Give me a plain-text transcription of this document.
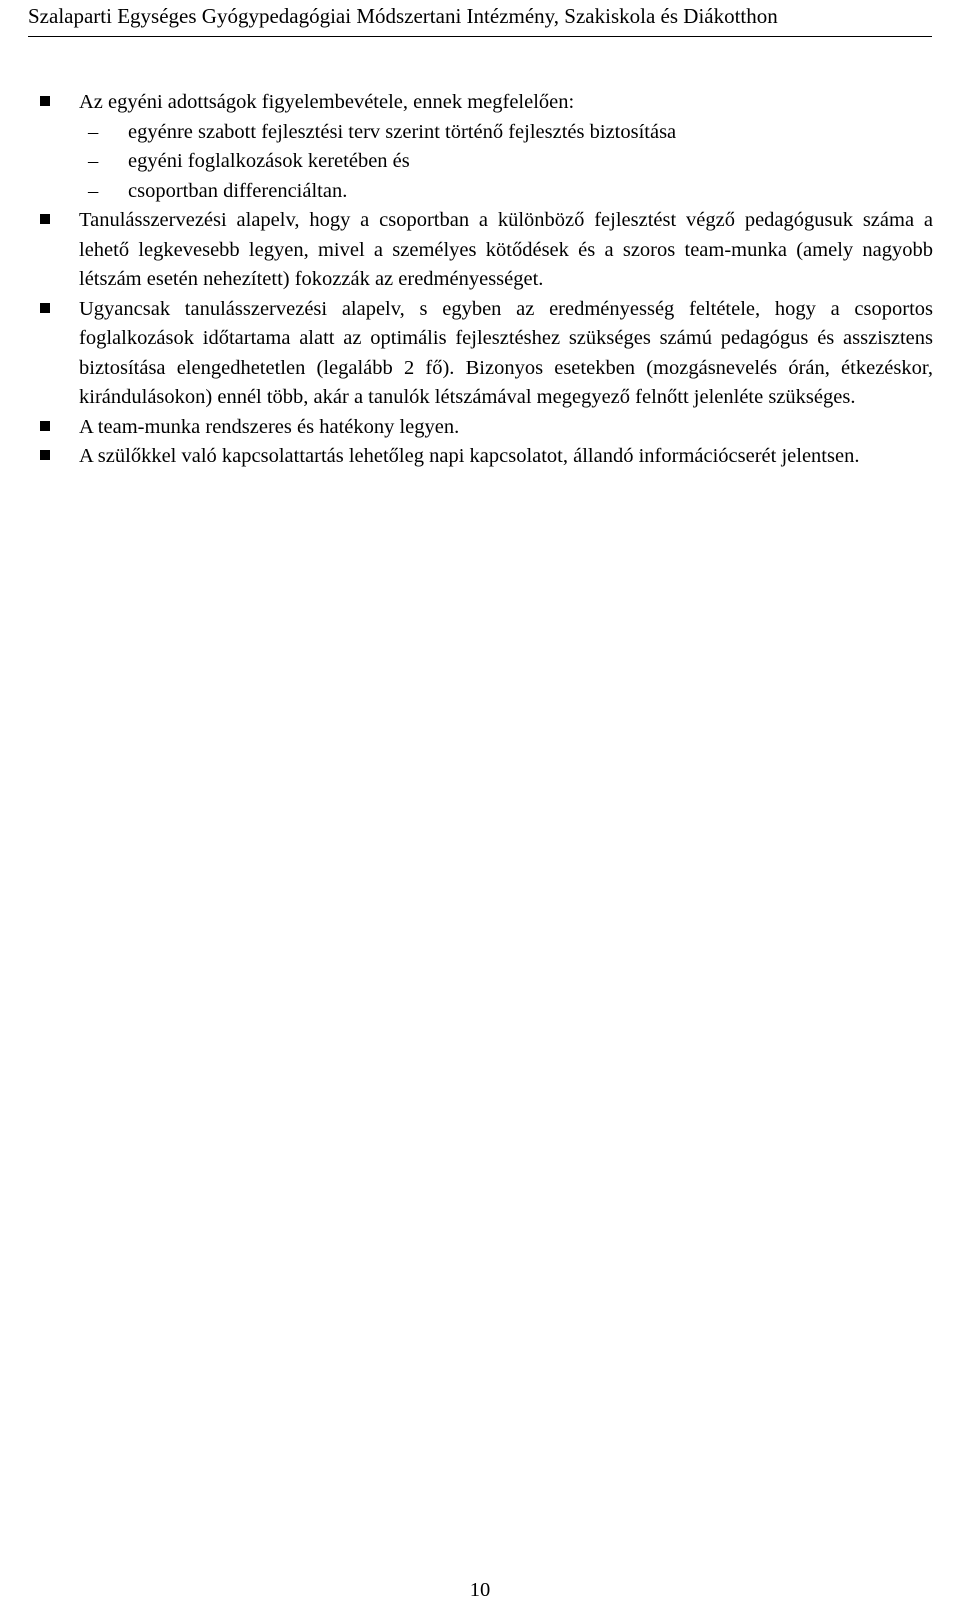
Szalaparti Egységes Gyógypedagógiai Módszertani Intézmény, Szakiskola és Diákotthon
Az egyéni adottságok figyelembevétele, ennek megfelelően:
– egyénre szabott fejlesztési terv szerint történő fejlesztés biztosítása
– egyéni foglalkozások keretében és
– csoportban differenciáltan.
Tanulásszervezési alapelv, hogy a csoportban a különböző fejlesztést végző pedagógusuk száma a lehető legkevesebb legyen, mivel a személyes kötődések és a szoros team-munka (amely nagyobb létszám esetén nehezített) fokozzák az eredményességet.
Ugyancsak tanulásszervezési alapelv, s egyben az eredményesség feltétele, hogy a csoportos foglalkozások időtartama alatt az optimális fejlesztéshez szükséges számú pedagógus és asszisztens biztosítása elengedhetetlen (legalább 2 fő). Bizonyos esetekben (mozgásnevelés órán, étkezéskor, kirándulásokon) ennél több, akár a tanulók létszámával megegyező felnőtt jelenléte szükséges.
A team-munka rendszeres és hatékony legyen.
A szülőkkel való kapcsolattartás lehetőleg napi kapcsolatot, állandó információcserét jelentsen.
10
